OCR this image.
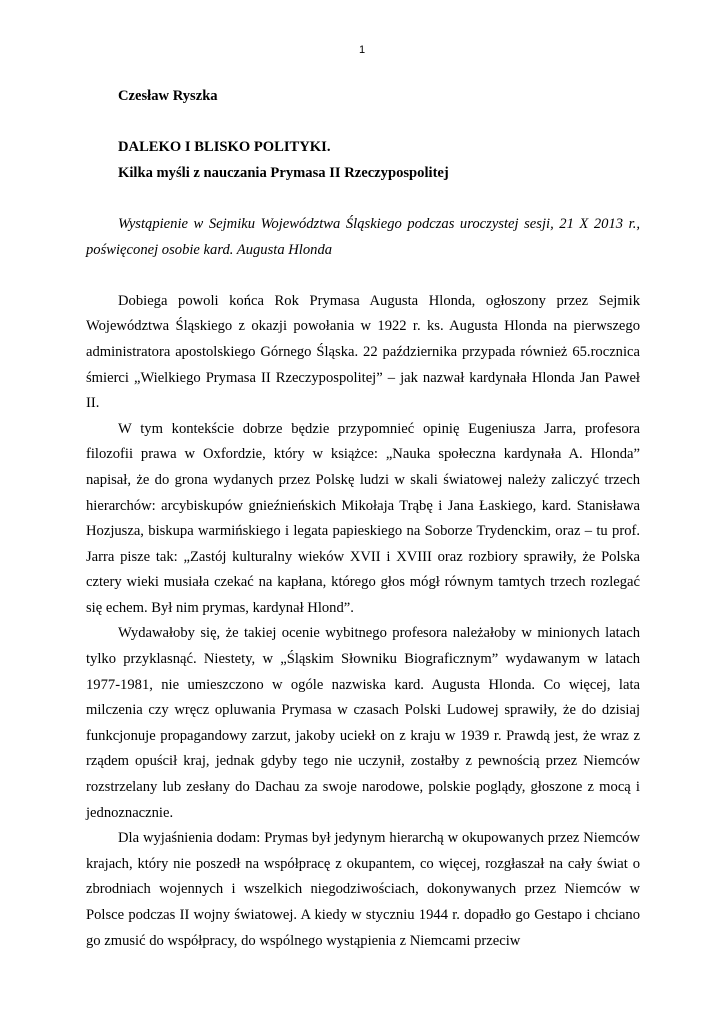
1

Czesław Ryszka

DALEKO I BLISKO POLITYKI.

Kilka myśli z nauczania Prymasa II Rzeczypospolitej

Wystąpienie w Sejmiku Województwa Śląskiego podczas uroczystej sesji, 21 X 2013 r., poświęconej osobie kard. Augusta Hlonda

Dobiega powoli końca Rok Prymasa Augusta Hlonda, ogłoszony przez Sejmik Województwa Śląskiego z okazji powołania w 1922 r. ks. Augusta Hlonda na pierwszego administratora apostolskiego Górnego Śląska. 22 października przypada również 65.rocznica śmierci „Wielkiego Prymasa II Rzeczypospolitej” – jak nazwał kardynała Hlonda Jan Paweł II.

W tym kontekście dobrze będzie przypomnieć opinię Eugeniusza Jarra, profesora filozofii prawa w Oxfordzie, który w książce: „Nauka społeczna kardynała A. Hlonda” napisał, że do grona wydanych przez Polskę ludzi w skali światowej należy zaliczyć trzech hierarchów: arcybiskupów gnieźnieńskich Mikołaja Trąbę i Jana Łaskiego, kard. Stanisława Hozjusza, biskupa warmińskiego i legata papieskiego na Soborze Trydenckim, oraz – tu prof. Jarra pisze tak: „Zastój kulturalny wieków XVII i XVIII oraz rozbiory sprawiły, że Polska cztery wieki musiała czekać na kapłana, którego głos mógł równym tamtych trzech rozlegać się echem. Był nim prymas, kardynał Hlond”.

Wydawałoby się, że takiej ocenie wybitnego profesora należałoby w minionych latach tylko przyklasnąć. Niestety, w „Śląskim Słowniku Biograficznym” wydawanym w latach 1977-1981, nie umieszczono w ogóle nazwiska kard. Augusta Hlonda. Co więcej, lata milczenia czy wręcz opluwania Prymasa w czasach Polski Ludowej sprawiły, że do dzisiaj funkcjonuje propagandowy zarzut, jakoby uciekł on z kraju w 1939 r. Prawdą jest, że wraz z rządem opuścił kraj, jednak gdyby tego nie uczynił, zostałby z pewnością przez Niemców rozstrzelany lub zesłany do Dachau za swoje narodowe, polskie poglądy, głoszone z mocą i jednoznacznie.

Dla wyjaśnienia dodam: Prymas był jedynym hierarchą w okupowanych przez Niemców krajach, który nie poszedł na współpracę z okupantem, co więcej, rozgłaszał na cały świat o zbrodniach wojennych i wszelkich niegodziwościach, dokonywanych przez Niemców w Polsce podczas II wojny światowej. A kiedy w styczniu 1944 r. dopadło go Gestapo i chciano go zmusić do współpracy, do wspólnego wystąpienia z Niemcami przeciw
